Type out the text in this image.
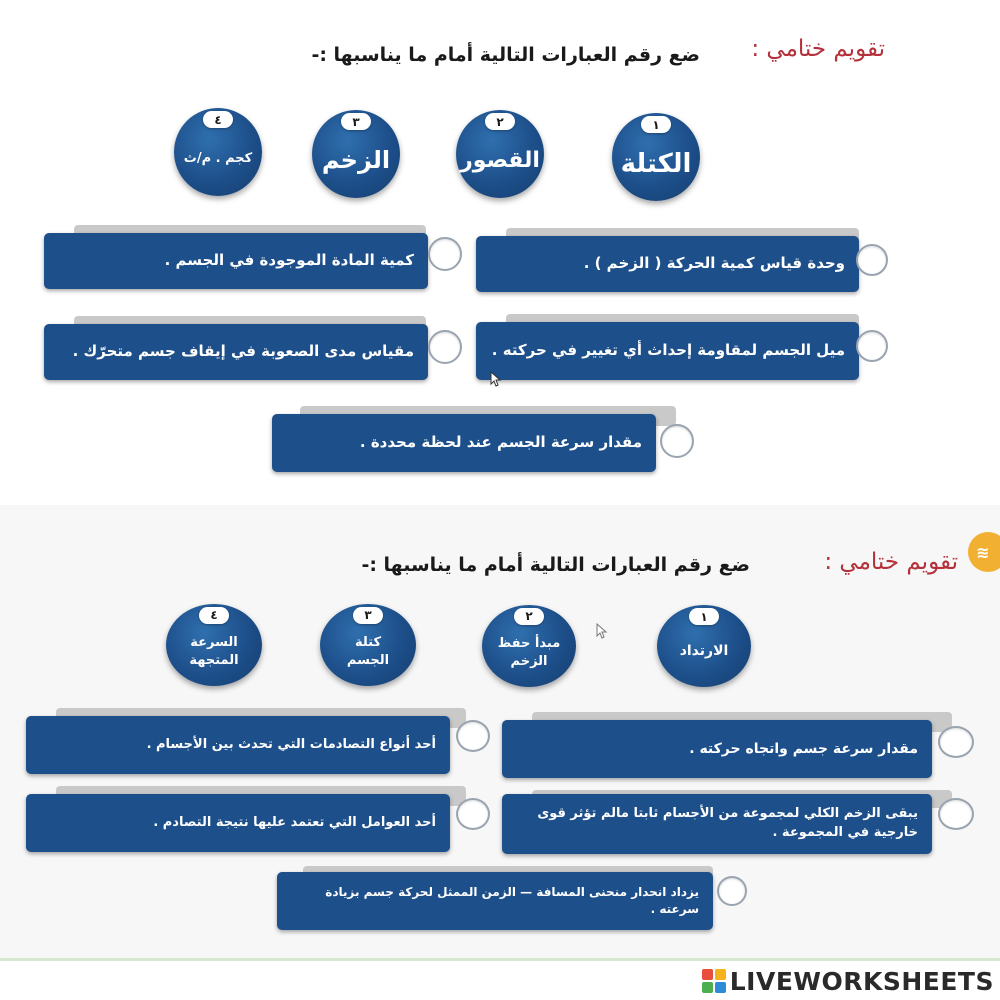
تقويم ختامي :
ضع رقم العبارات التالية أمام ما يناسبها :-
١
الكتلة
٢
القصور
٣
الزخم
٤
كجم . م/ث
وحدة قياس كمية الحركة ( الزخم ) .
كمية المادة الموجودة في الجسم .
ميل الجسم لمقاومة إحداث أي تغيير في حركته .
مقياس مدى الصعوبة في إيقاف جسم متحرّك .
مقدار سرعة الجسم عند لحظة محددة .
≋
تقويم ختامي :
ضع رقم العبارات التالية أمام ما يناسبها :-
١
الارتداد
٢
مبدأ حفظ الزخم
٣
كتلة الجسم
٤
السرعة المتجهة
مقدار سرعة جسم واتجاه حركته .
أحد أنواع التصادمات التي تحدث بين الأجسام .
يبقى الزخم الكلي لمجموعة من الأجسام ثابتا مالم تؤثر قوى خارجية في المجموعة .
أحد العوامل التي تعتمد عليها نتيجة التصادم .
يزداد انحدار منحنى المسافة — الزمن الممثل لحركة جسم بزيادة سرعته .
LIVEWORKSHEETS
